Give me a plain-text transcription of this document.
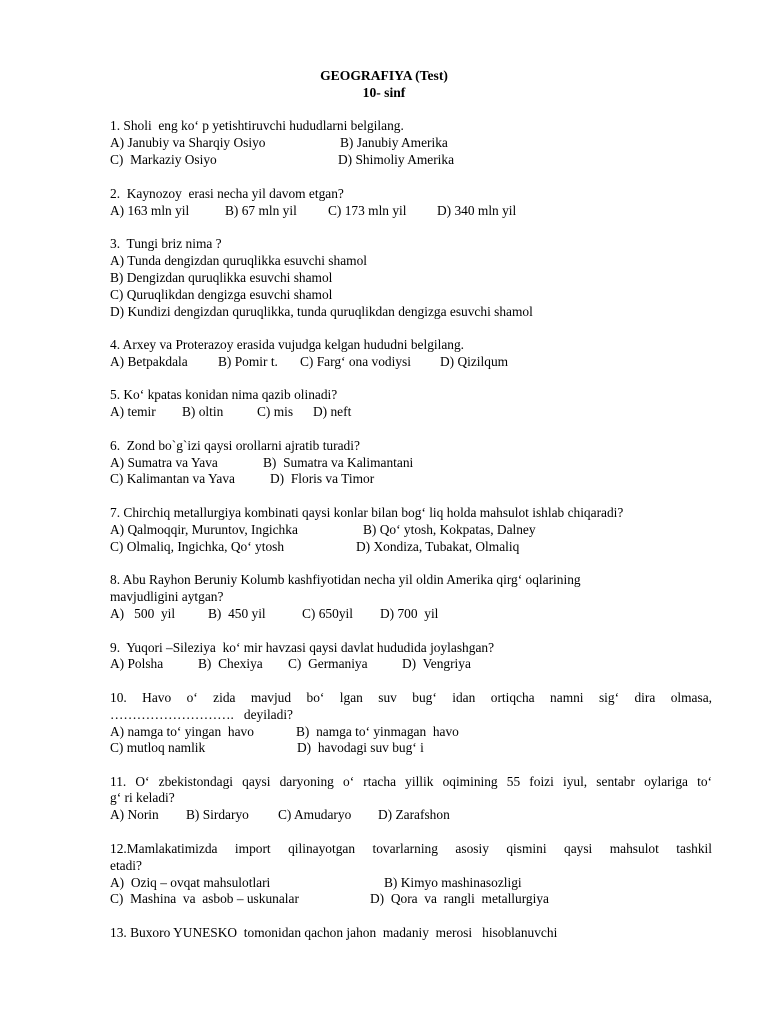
GEOGRAFIYA (Test)
10- sinf
1. Sholi  eng ko‘ p yetishtiruvchi hududlarni belgilang.
A) Janubiy va Sharqiy Osiyo	B) Janubiy Amerika
C)  Markaziy Osiyo	D) Shimoliy Amerika
2.  Kaynozoy  erasi necha yil davom etgan?
A) 163 mln yil	B) 67 mln yil C) 173 mln yil D) 340 mln yil
3.  Tungi briz nima ?
A) Tunda dengizdan quruqlikka esuvchi shamol
B) Dengizdan quruqlikka esuvchi shamol
C) Quruqlikdan dengizga esuvchi shamol
D) Kundizi dengizdan quruqlikka, tunda quruqlikdan dengizga esuvchi shamol
4. Arxey va Proterazoy erasida vujudga kelgan hududni belgilang.
A) Betpakdala B) Pomir t. C) Farg‘ ona vodiysi D) Qizilqum
5. Ko‘ kpatas konidan nima qazib olinadi?
A) temir B) oltin	C) mis D) neft
6.  Zond bo`g`izi qaysi orollarni ajratib turadi?
A) Sumatra va Yava	B)  Sumatra va Kalimantani
C) Kalimantan va Yava	D)  Floris va Timor
7. Chirchiq metallurgiya kombinati qaysi konlar bilan bog‘ liq holda mahsulot ishlab chiqaradi?
A) Qalmoqqir, Muruntov, Ingichka	B) Qo‘ ytosh, Kokpatas, Dalney
C) Olmaliq, Ingichka, Qo‘ ytosh	D) Xondiza, Tubakat, Olmaliq
8. Abu Rayhon Beruniy Kolumb kashfiyotidan necha yil oldin Amerika qirg‘ oqlarining
mavjudligini aytgan?
A)   500  yil B)  450 yil	C) 650yil D) 700  yil
9.  Yuqori –Sileziya  ko‘ mir havzasi qaysi davlat hududida joylashgan?
A) Polsha	B)  Chexiya C)  Germaniya	D)  Vengriya
10. Havo o‘ zida mavjud bo‘ lgan suv bug‘ idan ortiqcha namni sig‘ dira olmasa,
……………………….   deyiladi?
A) namga to‘ yingan  havo	B)  namga to‘ yinmagan  havo
C) mutloq namlik	D)  havodagi suv bug‘ i
11. O‘ zbekistondagi qaysi daryoning o‘ rtacha yillik oqimining 55 foizi iyul, sentabr oylariga to‘
g‘ ri keladi?
A) Norin B) Sirdaryo C) Amudaryo D) Zarafshon
12.Mamlakatimizda import qilinayotgan tovarlarning asosiy qismini qaysi mahsulot tashkil
etadi?
A)  Oziq – ovqat mahsulotlari	B) Kimyo mashinasozligi
C)  Mashina  va  asbob – uskunalar	D)  Qora  va  rangli  metallurgiya
13. Buxoro YUNESKO  tomonidan qachon jahon  madaniy  merosi   hisoblanuvchi
